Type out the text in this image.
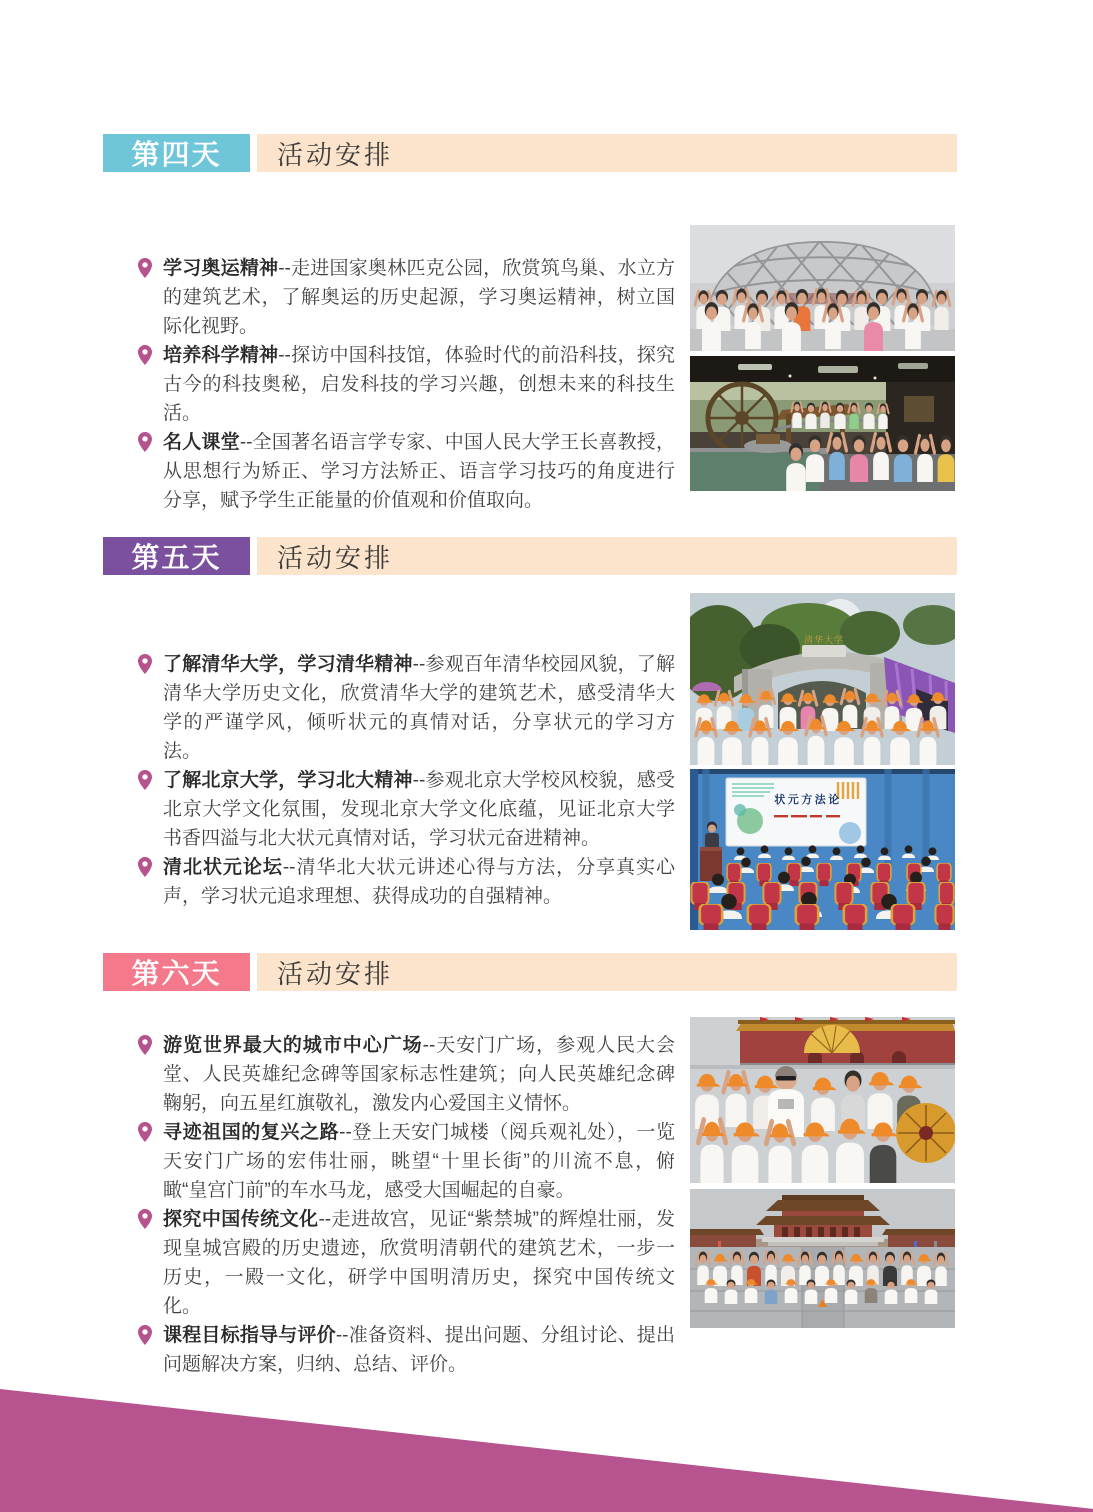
第四天 活动安排

学习奥运精神--走进国家奥林匹克公园，欣赏筑鸟巢、水立方的建筑艺术，了解奥运的历史起源，学习奥运精神，树立国际化视野。

培养科学精神--探访中国科技馆，体验时代的前沿科技，探究古今的科技奥秘，启发科技的学习兴趣，创想未来的科技生活。

名人课堂--全国著名语言学专家、中国人民大学王长喜教授，从思想行为矫正、学习方法矫正、语言学习技巧的角度进行分享，赋予学生正能量的价值观和价值取向。

第五天 活动安排

了解清华大学，学习清华精神--参观百年清华校园风貌，了解清华大学历史文化，欣赏清华大学的建筑艺术，感受清华大学的严谨学风，倾听状元的真情对话，分享状元的学习方法。

了解北京大学，学习北大精神--参观北京大学校风校貌，感受北京大学文化氛围，发现北京大学文化底蕴，见证北京大学书香四溢与北大状元真情对话，学习状元奋进精神。

清北状元论坛--清华北大状元讲述心得与方法，分享真实心声，学习状元追求理想、获得成功的自强精神。

清华大学
状元方法论
第六天 活动安排

游览世界最大的城市中心广场--天安门广场，参观人民大会堂、人民英雄纪念碑等国家标志性建筑；向人民英雄纪念碑鞠躬，向五星红旗敬礼，激发内心爱国主义情怀。

寻迹祖国的复兴之路--登上天安门城楼（阅兵观礼处），一览天安门广场的宏伟壮丽，眺望“十里长街”的川流不息，俯瞰“皇宫门前”的车水马龙，感受大国崛起的自豪。

探究中国传统文化--走进故宫，见证“紫禁城”的辉煌壮丽，发现皇城宫殿的历史遗迹，欣赏明清朝代的建筑艺术，一步一历史，一殿一文化，研学中国明清历史，探究中国传统文化。

课程目标指导与评价--准备资料、提出问题、分组讨论、提出问题解决方案，归纳、总结、评价。
